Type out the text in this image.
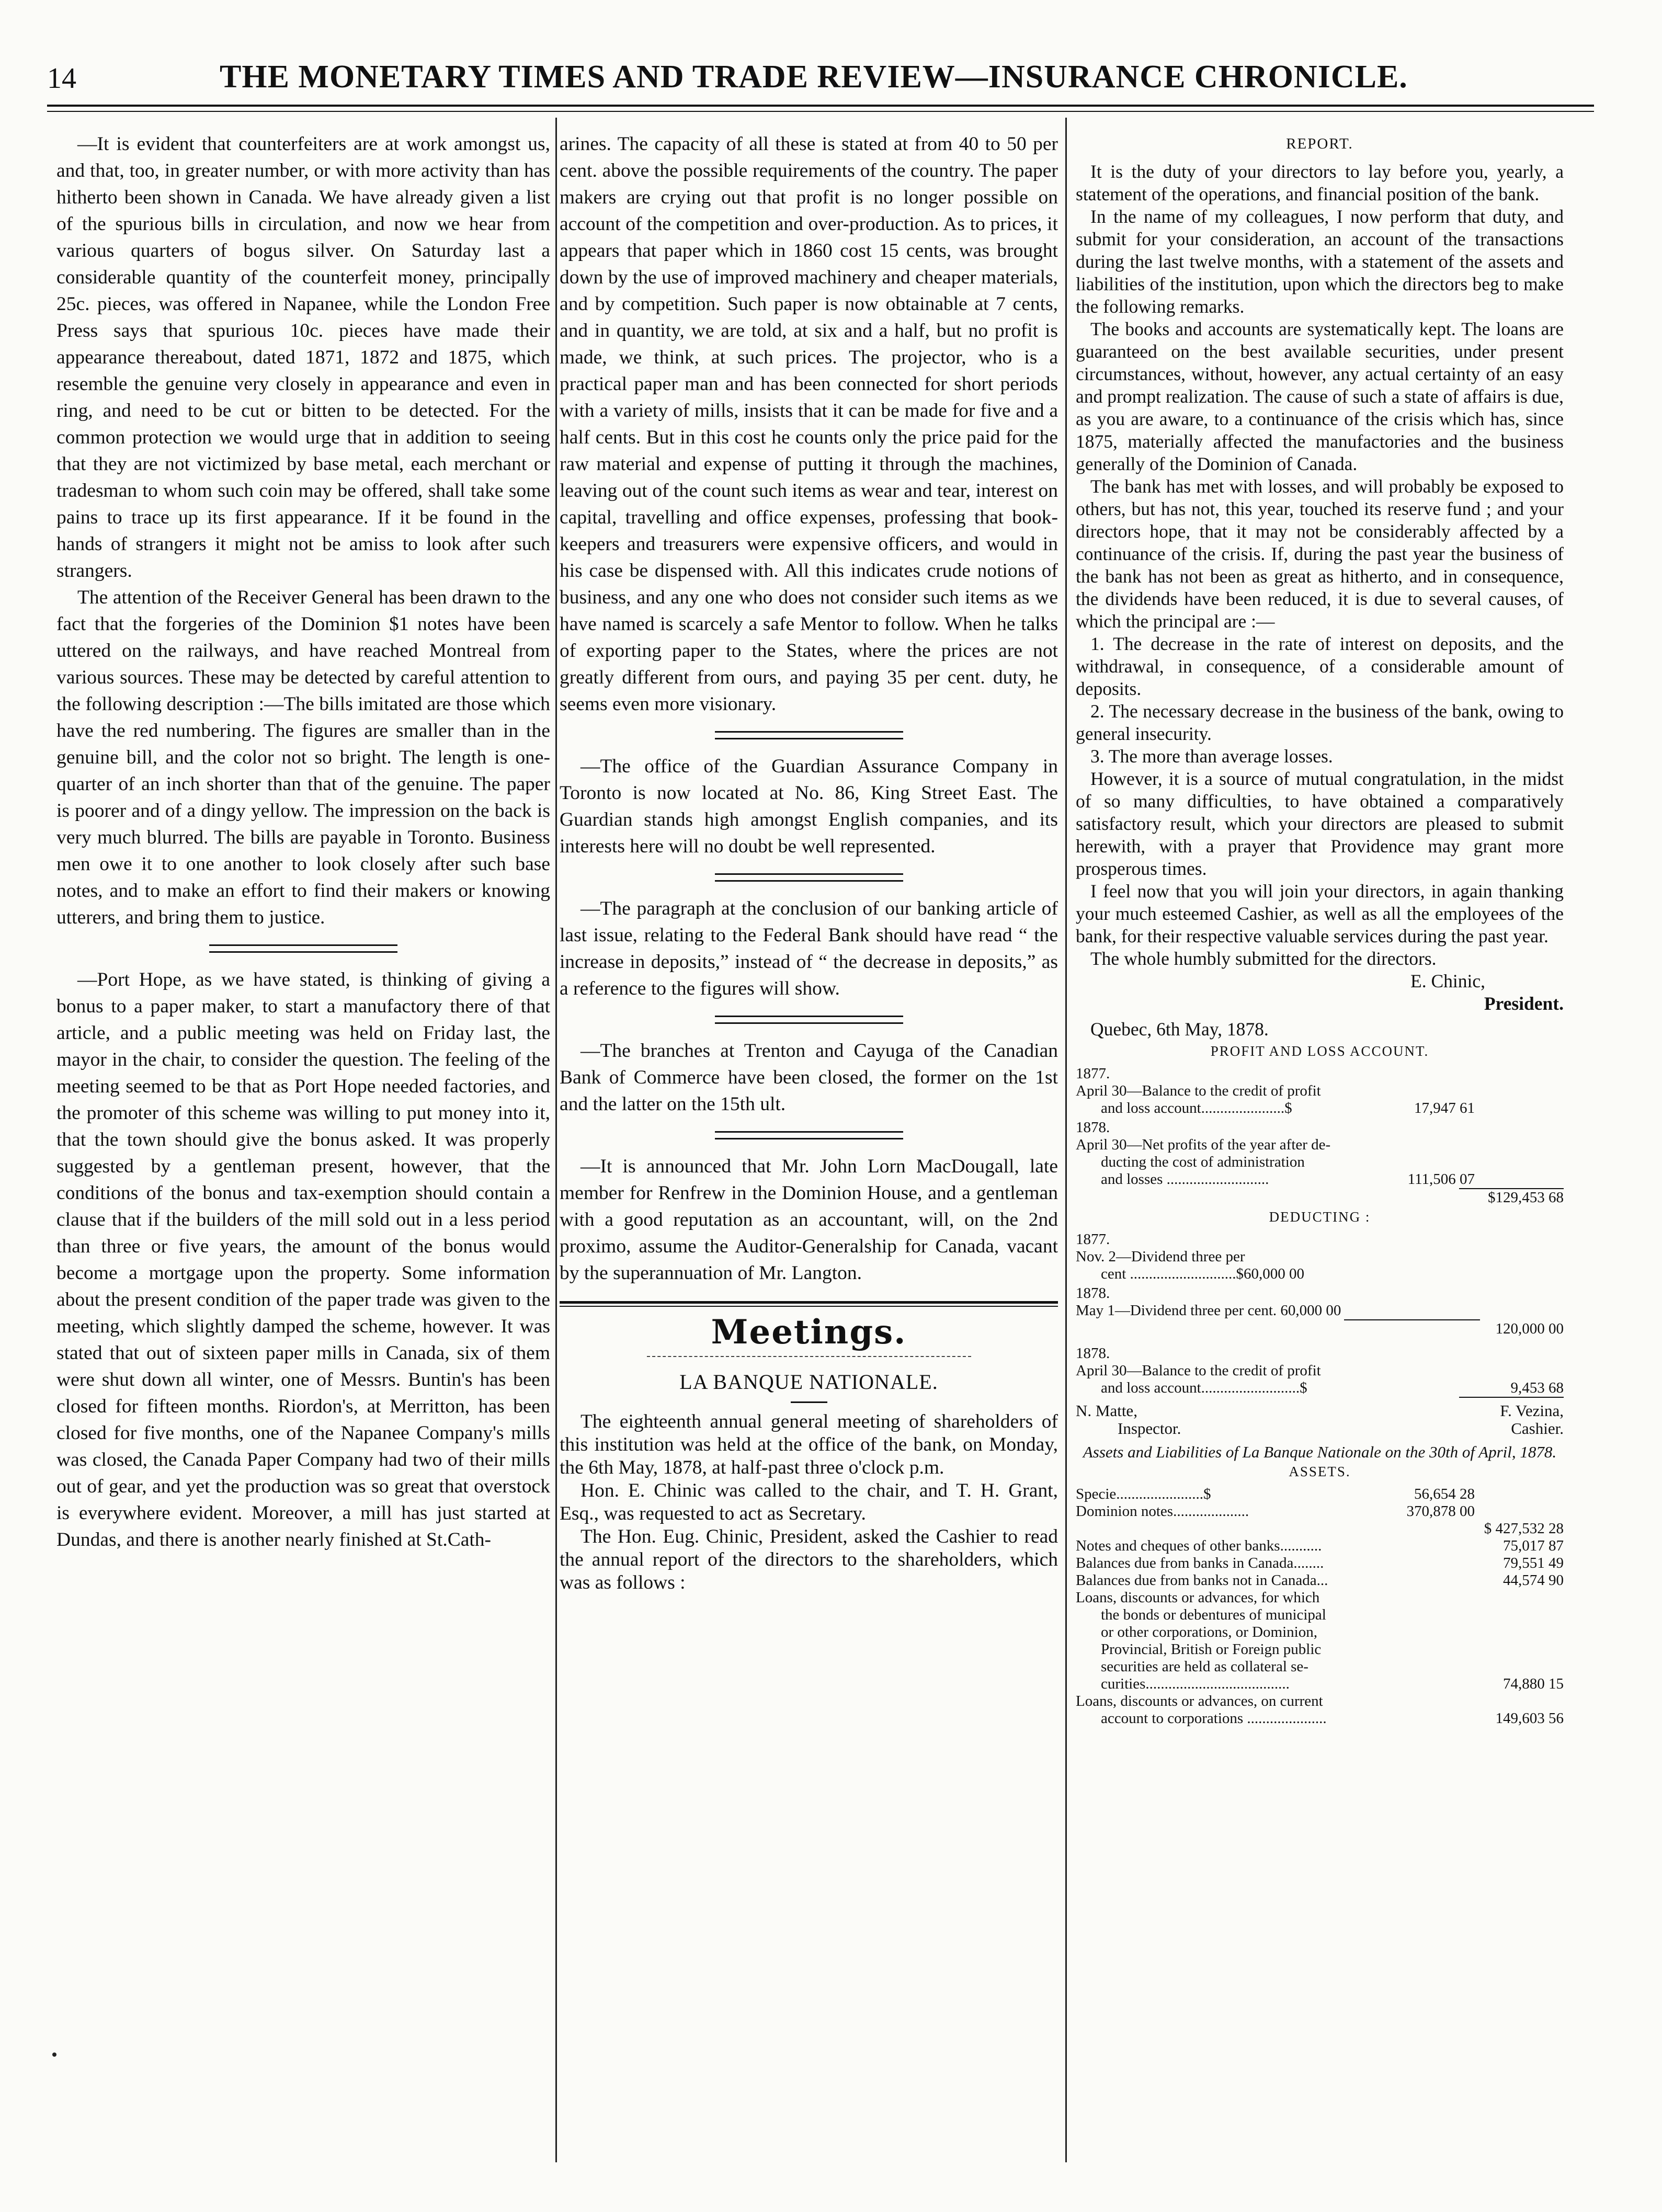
14	THE MONETARY TIMES AND TRADE REVIEW—INSURANCE CHRONICLE.

—It is evident that counterfeiters are at work amongst us, and that, too, in greater number, or with more activity than has hitherto been shown in Canada. We have already given a list of the spurious bills in circulation, and now we hear from various quarters of bogus silver. On Saturday last a considerable quantity of the counterfeit money, principally 25c. pieces, was offered in Napanee, while the London Free Press says that spurious 10c. pieces have made their appearance thereabout, dated 1871, 1872 and 1875, which resemble the genuine very closely in appearance and even in ring, and need to be cut or bitten to be detected. For the common protection we would urge that in addition to seeing that they are not victimized by base metal, each merchant or tradesman to whom such coin may be offered, shall take some pains to trace up its first appearance. If it be found in the hands of strangers it might not be amiss to look after such strangers.

The attention of the Receiver General has been drawn to the fact that the forgeries of the Dominion $1 notes have been uttered on the railways, and have reached Montreal from various sources. These may be detected by careful attention to the following description :—The bills imitated are those which have the red numbering. The figures are smaller than in the genuine bill, and the color not so bright. The length is one-quarter of an inch shorter than that of the genuine. The paper is poorer and of a dingy yellow. The impression on the back is very much blurred. The bills are payable in Toronto. Business men owe it to one another to look closely after such base notes, and to make an effort to find their makers or knowing utterers, and bring them to justice.

—Port Hope, as we have stated, is thinking of giving a bonus to a paper maker, to start a manufactory there of that article, and a public meeting was held on Friday last, the mayor in the chair, to consider the question. The feeling of the meeting seemed to be that as Port Hope needed factories, and the promoter of this scheme was willing to put money into it, that the town should give the bonus asked. It was properly suggested by a gentleman present, however, that the conditions of the bonus and tax-exemption should contain a clause that if the builders of the mill sold out in a less period than three or five years, the amount of the bonus would become a mortgage upon the property. Some information about the present condition of the paper trade was given to the meeting, which slightly damped the scheme, however. It was stated that out of sixteen paper mills in Canada, six of them were shut down all winter, one of Messrs. Buntin's has been closed for fifteen months. Riordon's, at Merritton, has been closed for five months, one of the Napanee Company's mills was closed, the Canada Paper Company had two of their mills out of gear, and yet the production was so great that overstock is everywhere evident. Moreover, a mill has just started at Dundas, and there is another nearly finished at St.Cath-

arines. The capacity of all these is stated at from 40 to 50 per cent. above the possible requirements of the country. The paper makers are crying out that profit is no longer possible on account of the competition and over-production. As to prices, it appears that paper which in 1860 cost 15 cents, was brought down by the use of improved machinery and cheaper materials, and by competition. Such paper is now obtainable at 7 cents, and in quantity, we are told, at six and a half, but no profit is made, we think, at such prices. The projector, who is a practical paper man and has been connected for short periods with a variety of mills, insists that it can be made for five and a half cents. But in this cost he counts only the price paid for the raw material and expense of putting it through the machines, leaving out of the count such items as wear and tear, interest on capital, travelling and office expenses, professing that book-keepers and treasurers were expensive officers, and would in his case be dispensed with. All this indicates crude notions of business, and any one who does not consider such items as we have named is scarcely a safe Mentor to follow. When he talks of exporting paper to the States, where the prices are not greatly different from ours, and paying 35 per cent. duty, he seems even more visionary.

—The office of the Guardian Assurance Company in Toronto is now located at No. 86, King Street East. The Guardian stands high amongst English companies, and its interests here will no doubt be well represented.

—The paragraph at the conclusion of our banking article of last issue, relating to the Federal Bank should have read “ the increase in deposits,” instead of “ the decrease in deposits,” as a reference to the figures will show.

—The branches at Trenton and Cayuga of the Canadian Bank of Commerce have been closed, the former on the 1st and the latter on the 15th ult.

—It is announced that Mr. John Lorn MacDougall, late member for Renfrew in the Dominion House, and a gentleman with a good reputation as an accountant, will, on the 2nd proximo, assume the Auditor-Generalship for Canada, vacant by the superannuation of Mr. Langton.

Meetings.
LA BANQUE NATIONALE.

The eighteenth annual general meeting of shareholders of this institution was held at the office of the bank, on Monday, the 6th May, 1878, at half-past three o'clock p.m.

Hon. E. Chinic was called to the chair, and T. H. Grant, Esq., was requested to act as Secretary.

The Hon. Eug. Chinic, President, asked the Cashier to read the annual report of the directors to the shareholders, which was as follows :

REPORT.

It is the duty of your directors to lay before you, yearly, a statement of the operations, and financial position of the bank.

In the name of my colleagues, I now perform that duty, and submit for your consideration, an account of the transactions during the last twelve months, with a statement of the assets and liabilities of the institution, upon which the directors beg to make the following remarks.

The books and accounts are systematically kept. The loans are guaranteed on the best available securities, under present circumstances, without, however, any actual certainty of an easy and prompt realization. The cause of such a state of affairs is due, as you are aware, to a continuance of the crisis which has, since 1875, materially affected the manufactories and the business generally of the Dominion of Canada.

The bank has met with losses, and will probably be exposed to others, but has not, this year, touched its reserve fund ; and your directors hope, that it may not be considerably affected by a continuance of the crisis. If, during the past year the business of the bank has not been as great as hitherto, and in consequence, the dividends have been reduced, it is due to several causes, of which the principal are :—

1. The decrease in the rate of interest on deposits, and the withdrawal, in consequence, of a considerable amount of deposits.

2. The necessary decrease in the business of the bank, owing to general insecurity.

3. The more than average losses.

However, it is a source of mutual congratulation, in the midst of so many difficulties, to have obtained a comparatively satisfactory result, which your directors are pleased to submit herewith, with a prayer that Providence may grant more prosperous times.

I feel now that you will join your directors, in again thanking your much esteemed Cashier, as well as all the employees of the bank, for their respective valuable services during the past year.

The whole humbly submitted for the directors.

E. Chinic,
President.

Quebec, 6th May, 1878.

PROFIT AND LOSS ACCOUNT.
1877.
April 30—Balance to the credit of profit
and loss account......................$	17,947 61
1878.
April 30—Net profits of the year after de-
ducting the cost of administration
and losses ...........................	111,506 07
$129,453 68
DEDUCTING :
1877.
Nov. 2—Dividend three per
cent ............................$60,000 00
1878.
May 1—Dividend three per cent. 60,000 00
120,000 00
1878.
April 30—Balance to the credit of profit
and loss account..........................$	9,453 68
N. Matte,	F. Vezina,
Inspector.	Cashier.
Assets and Liabilities of La Banque Nationale on the 30th of April, 1878.
ASSETS.
Specie.......................$	56,654 28
Dominion notes....................	370,878 00
$ 427,532 28
Notes and cheques of other banks...........	75,017 87
Balances due from banks in Canada........	79,551 49
Balances due from banks not in Canada...	44,574 90
Loans, discounts or advances, for which
the bonds or debentures of municipal
or other corporations, or Dominion,
Provincial, British or Foreign public
securities are held as collateral se-
curities......................................	74,880 15
Loans, discounts or advances, on current
account to corporations .....................	149,603 56
